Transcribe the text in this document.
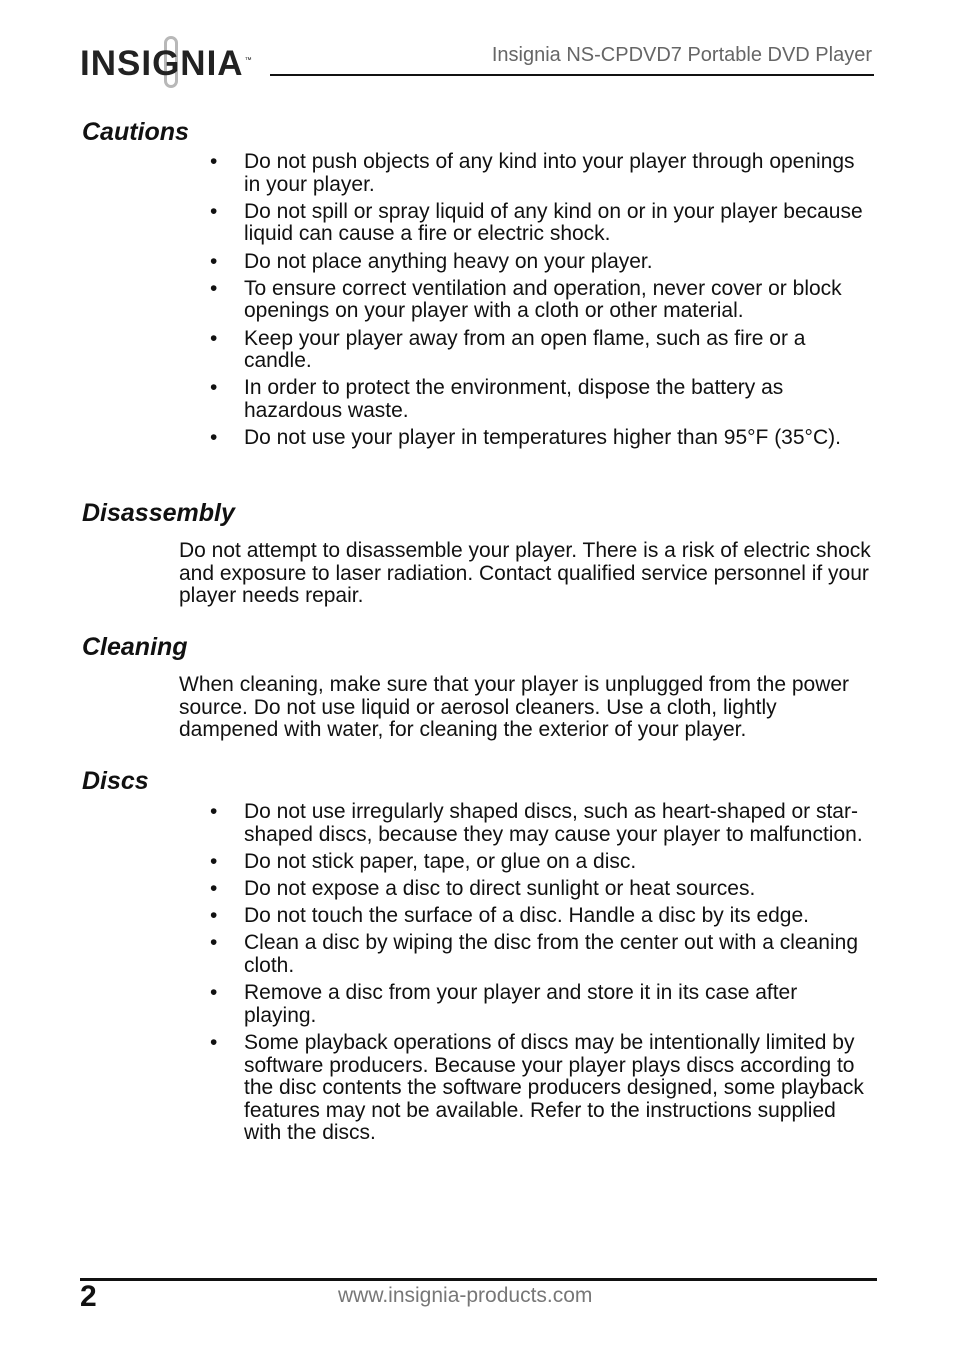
INSIGNIA™	Insignia NS-CPDVD7 Portable DVD Player
Cautions
• Do not push objects of any kind into your player through openings in your player.
• Do not spill or spray liquid of any kind on or in your player because liquid can cause a fire or electric shock.
• Do not place anything heavy on your player.
• To ensure correct ventilation and operation, never cover or block openings on your player with a cloth or other material.
• Keep your player away from an open flame, such as fire or a candle.
• In order to protect the environment, dispose the battery as hazardous waste.
• Do not use your player in temperatures higher than 95°F (35°C).
Disassembly

Do not attempt to disassemble your player. There is a risk of electric shock and exposure to laser radiation. Contact qualified service personnel if your player needs repair.

Cleaning

When cleaning, make sure that your player is unplugged from the power source. Do not use liquid or aerosol cleaners. Use a cloth, lightly dampened with water, for cleaning the exterior of your player.

Discs
• Do not use irregularly shaped discs, such as heart-shaped or star-shaped discs, because they may cause your player to malfunction.
• Do not stick paper, tape, or glue on a disc.
• Do not expose a disc to direct sunlight or heat sources.
• Do not touch the surface of a disc. Handle a disc by its edge.
• Clean a disc by wiping the disc from the center out with a cleaning cloth.
• Remove a disc from your player and store it in its case after playing.
• Some playback operations of discs may be intentionally limited by software producers. Because your player plays discs according to the disc contents the software producers designed, some playback features may not be available. Refer to the instructions supplied with the discs.
2	www.insignia-products.com
